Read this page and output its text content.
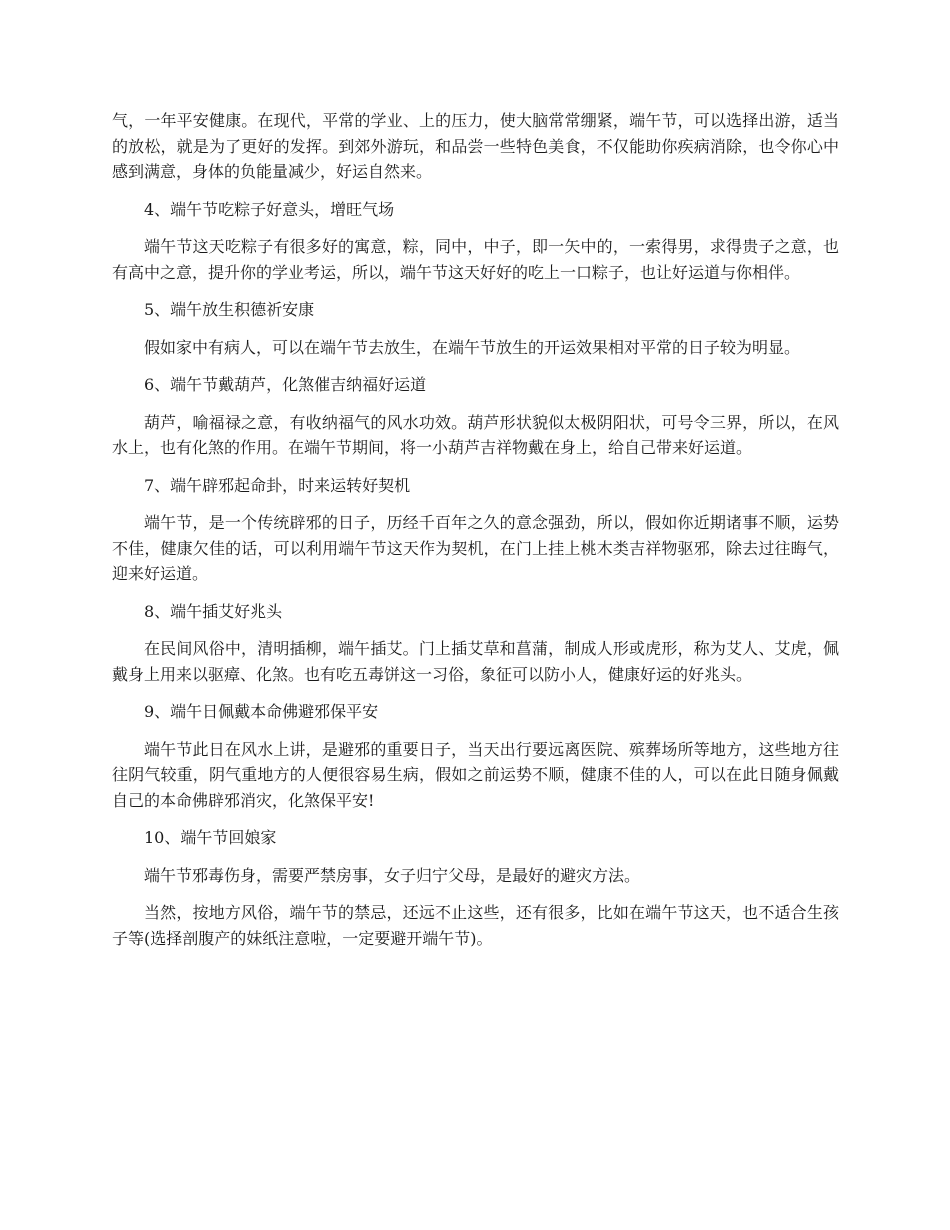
气，一年平安健康。在现代，平常的学业、上的压力，使大脑常常绷紧，端午节，可以选择出游，适当的放松，就是为了更好的发挥。到郊外游玩，和品尝一些特色美食，不仅能助你疾病消除，也令你心中感到满意，身体的负能量减少，好运自然来。

4、端午节吃粽子好意头，增旺气场

端午节这天吃粽子有很多好的寓意，粽，同中，中子，即一矢中的，一索得男，求得贵子之意，也有高中之意，提升你的学业考运，所以，端午节这天好好的吃上一口粽子，也让好运道与你相伴。

5、端午放生积德祈安康

假如家中有病人，可以在端午节去放生，在端午节放生的开运效果相对平常的日子较为明显。

6、端午节戴葫芦，化煞催吉纳福好运道

葫芦，喻福禄之意，有收纳福气的风水功效。葫芦形状貌似太极阴阳状，可号令三界，所以，在风水上，也有化煞的作用。在端午节期间，将一小葫芦吉祥物戴在身上，给自己带来好运道。

7、端午辟邪起命卦，时来运转好契机

端午节，是一个传统辟邪的日子，历经千百年之久的意念强劲，所以，假如你近期诸事不顺，运势不佳，健康欠佳的话，可以利用端午节这天作为契机，在门上挂上桃木类吉祥物驱邪，除去过往晦气，迎来好运道。

8、端午插艾好兆头

在民间风俗中，清明插柳，端午插艾。门上插艾草和菖蒲，制成人形或虎形，称为艾人、艾虎，佩戴身上用来以驱瘴、化煞。也有吃五毒饼这一习俗，象征可以防小人，健康好运的好兆头。

9、端午日佩戴本命佛避邪保平安

端午节此日在风水上讲，是避邪的重要日子，当天出行要远离医院、殡葬场所等地方，这些地方往往阴气较重，阴气重地方的人便很容易生病，假如之前运势不顺，健康不佳的人，可以在此日随身佩戴自己的本命佛辟邪消灾，化煞保平安!

10、端午节回娘家

端午节邪毒伤身，需要严禁房事，女子归宁父母，是最好的避灾方法。

当然，按地方风俗，端午节的禁忌，还远不止这些，还有很多，比如在端午节这天，也不适合生孩子等(选择剖腹产的妹纸注意啦，一定要避开端午节)。
